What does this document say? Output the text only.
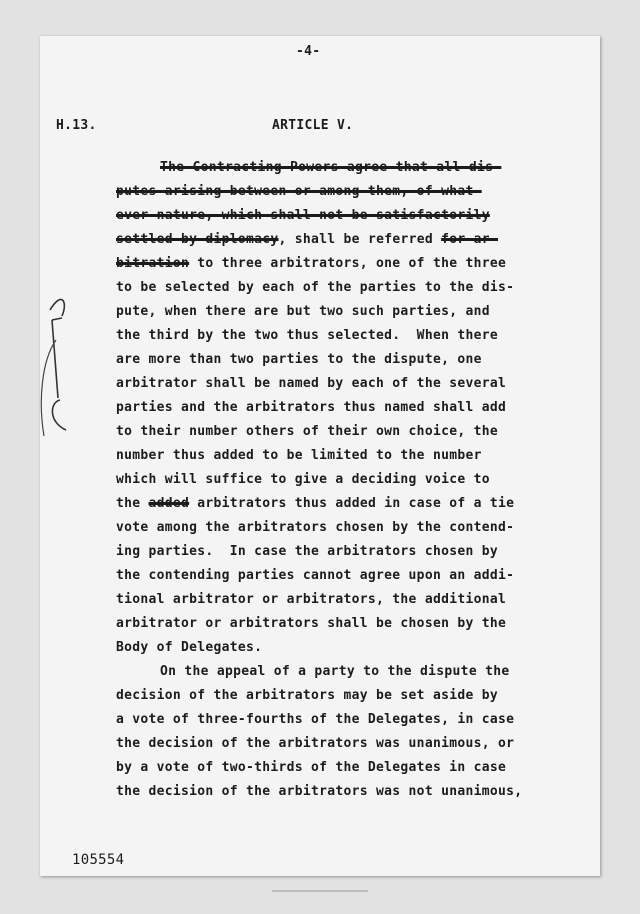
-4-
H.13.	ARTICLE V.
The Contracting Powers agree that all dis-
putes arising between or among them, of what-
ever nature, which shall not be satisfactorily
settled by diplomacy, shall be referred for ar-
bitration to three arbitrators, one of the three
to be selected by each of the parties to the dis-
pute, when there are but two such parties, and
the third by the two thus selected.  When there
are more than two parties to the dispute, one
arbitrator shall be named by each of the several
parties and the arbitrators thus named shall add
to their number others of their own choice, the
number thus added to be limited to the number
which will suffice to give a deciding voice to
the added arbitrators thus added in case of a tie
vote among the arbitrators chosen by the contend-
ing parties.  In case the arbitrators chosen by
the contending parties cannot agree upon an addi-
tional arbitrator or arbitrators, the additional
arbitrator or arbitrators shall be chosen by the
Body of Delegates.
On the appeal of a party to the dispute the
decision of the arbitrators may be set aside by
a vote of three-fourths of the Delegates, in case
the decision of the arbitrators was unanimous, or
by a vote of two-thirds of the Delegates in case
the decision of the arbitrators was not unanimous,
105554
